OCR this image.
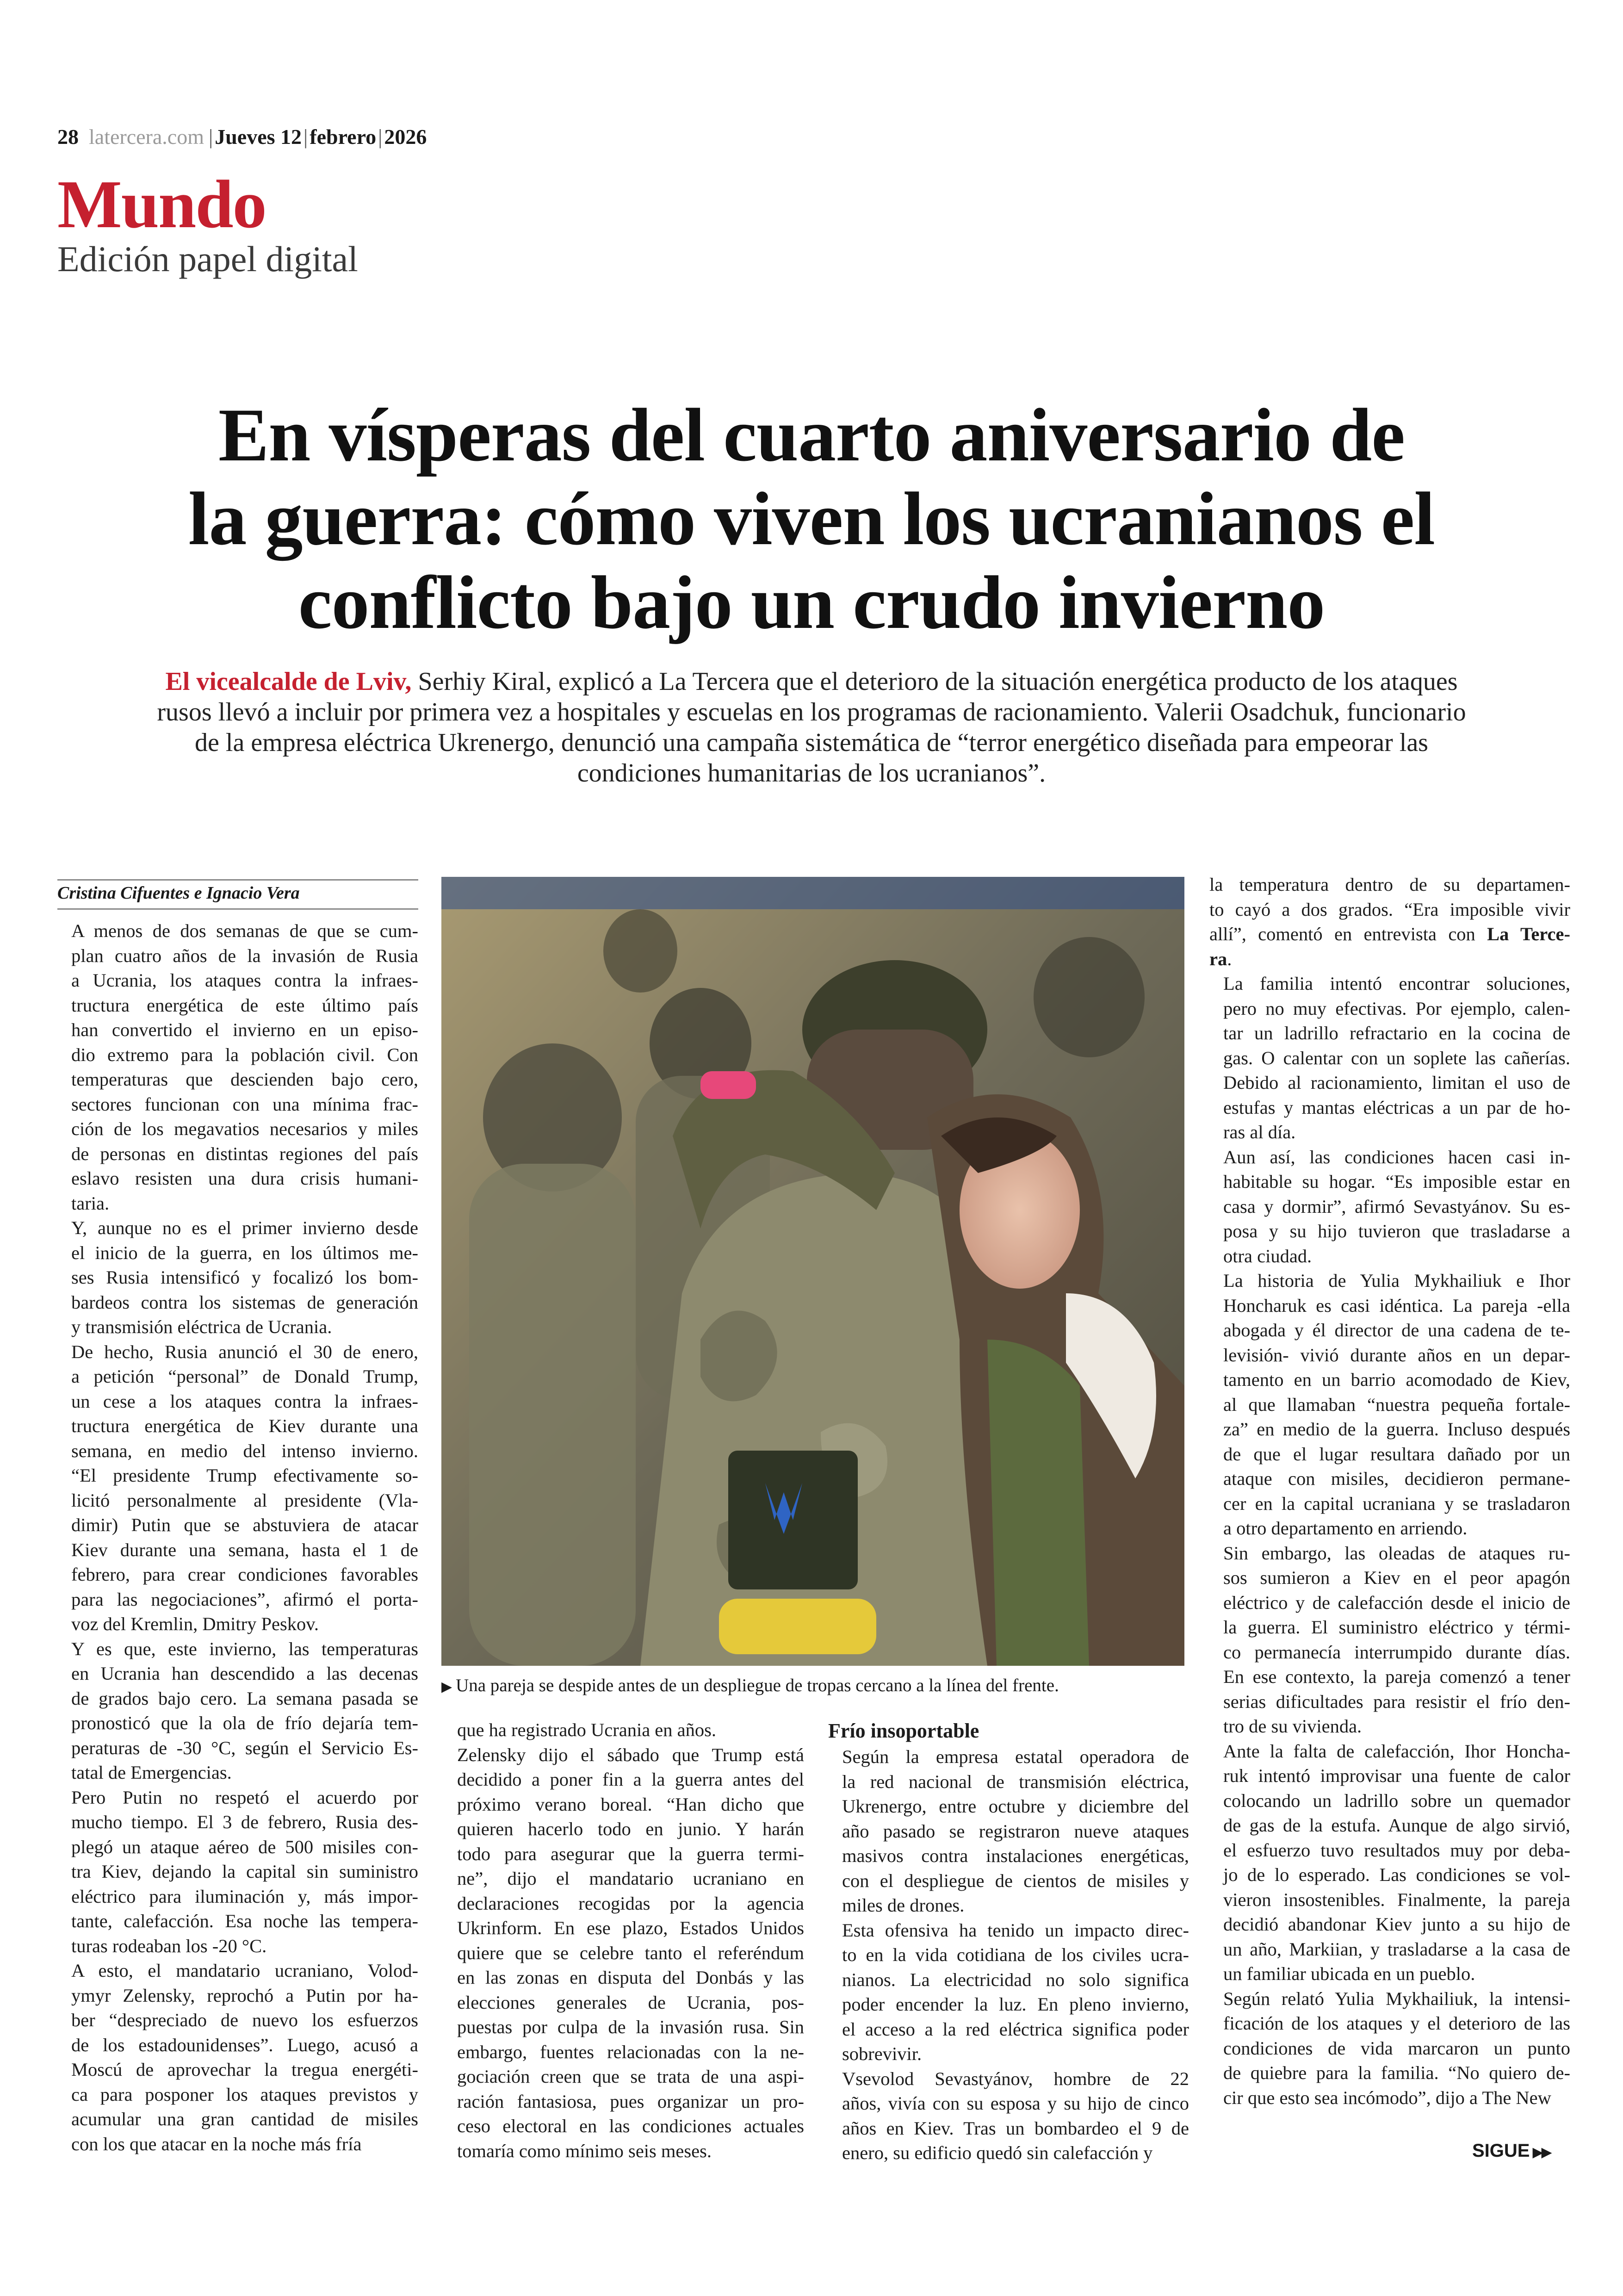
28 latercera.com |Jueves 12|febrero|2026
Mundo
Edición papel digital
En vísperas del cuarto aniversario de
la guerra: cómo viven los ucranianos el
conflicto bajo un crudo invierno
El vicealcalde de Lviv, Serhiy Kiral, explicó a La Tercera que el deterioro de la situación energética producto de los ataques
rusos llevó a incluir por primera vez a hospitales y escuelas en los programas de racionamiento. Valerii Osadchuk, funcionario
de la empresa eléctrica Ukrenergo, denunció una campaña sistemática de “terror energético diseñada para empeorar las
condiciones humanitarias de los ucranianos”.
Cristina Cifuentes e Ignacio Vera

A menos de dos semanas de que se cum-
plan cuatro años de la invasión de Rusia
a Ucrania, los ataques contra la infraes-
tructura energética de este último país
han convertido el invierno en un episo-
dio extremo para la población civil. Con
temperaturas que descienden bajo cero,
sectores funcionan con una mínima frac-
ción de los megavatios necesarios y miles
de personas en distintas regiones del país
eslavo resisten una dura crisis humani-
taria.

Y, aunque no es el primer invierno desde
el inicio de la guerra, en los últimos me-
ses Rusia intensificó y focalizó los bom-
bardeos contra los sistemas de generación
y transmisión eléctrica de Ucrania.

De hecho, Rusia anunció el 30 de enero,
a petición “personal” de Donald Trump,
un cese a los ataques contra la infraes-
tructura energética de Kiev durante una
semana, en medio del intenso invierno.
“El presidente Trump efectivamente so-
licitó personalmente al presidente (Vla-
dimir) Putin que se abstuviera de atacar
Kiev durante una semana, hasta el 1 de
febrero, para crear condiciones favorables
para las negociaciones”, afirmó el porta-
voz del Kremlin, Dmitry Peskov.

Y es que, este invierno, las temperaturas
en Ucrania han descendido a las decenas
de grados bajo cero. La semana pasada se
pronosticó que la ola de frío dejaría tem-
peraturas de -30 °C, según el Servicio Es-
tatal de Emergencias.

Pero Putin no respetó el acuerdo por
mucho tiempo. El 3 de febrero, Rusia des-
plegó un ataque aéreo de 500 misiles con-
tra Kiev, dejando la capital sin suministro
eléctrico para iluminación y, más impor-
tante, calefacción. Esa noche las tempera-
turas rodeaban los -20 °C.

A esto, el mandatario ucraniano, Volod-
ymyr Zelensky, reprochó a Putin por ha-
ber “despreciado de nuevo los esfuerzos
de los estadounidenses”. Luego, acusó a
Moscú de aprovechar la tregua energéti-
ca para posponer los ataques previstos y
acumular una gran cantidad de misiles
con los que atacar en la noche más fría

▶ Una pareja se despide antes de un despliegue de tropas cercano a la línea del frente.

que ha registrado Ucrania en años.

Zelensky dijo el sábado que Trump está
decidido a poner fin a la guerra antes del
próximo verano boreal. “Han dicho que
quieren hacerlo todo en junio. Y harán
todo para asegurar que la guerra termi-
ne”, dijo el mandatario ucraniano en
declaraciones recogidas por la agencia
Ukrinform. En ese plazo, Estados Unidos
quiere que se celebre tanto el referéndum
en las zonas en disputa del Donbás y las
elecciones generales de Ucrania, pos-
puestas por culpa de la invasión rusa. Sin
embargo, fuentes relacionadas con la ne-
gociación creen que se trata de una aspi-
ración fantasiosa, pues organizar un pro-
ceso electoral en las condiciones actuales
tomaría como mínimo seis meses.

Frío insoportable

Según la empresa estatal operadora de
la red nacional de transmisión eléctrica,
Ukrenergo, entre octubre y diciembre del
año pasado se registraron nueve ataques
masivos contra instalaciones energéticas,
con el despliegue de cientos de misiles y
miles de drones.

Esta ofensiva ha tenido un impacto direc-
to en la vida cotidiana de los civiles ucra-
nianos. La electricidad no solo significa
poder encender la luz. En pleno invierno,
el acceso a la red eléctrica significa poder
sobrevivir.

Vsevolod Sevastyánov, hombre de 22
años, vivía con su esposa y su hijo de cinco
años en Kiev. Tras un bombardeo el 9 de
enero, su edificio quedó sin calefacción y

la temperatura dentro de su departamen-
to cayó a dos grados. “Era imposible vivir
allí”, comentó en entrevista con La Terce-
ra.

La familia intentó encontrar soluciones,
pero no muy efectivas. Por ejemplo, calen-
tar un ladrillo refractario en la cocina de
gas. O calentar con un soplete las cañerías.
Debido al racionamiento, limitan el uso de
estufas y mantas eléctricas a un par de ho-
ras al día.

Aun así, las condiciones hacen casi in-
habitable su hogar. “Es imposible estar en
casa y dormir”, afirmó Sevastyánov. Su es-
posa y su hijo tuvieron que trasladarse a
otra ciudad.

La historia de Yulia Mykhailiuk e Ihor
Honcharuk es casi idéntica. La pareja -ella
abogada y él director de una cadena de te-
levisión- vivió durante años en un depar-
tamento en un barrio acomodado de Kiev,
al que llamaban “nuestra pequeña fortale-
za” en medio de la guerra. Incluso después
de que el lugar resultara dañado por un
ataque con misiles, decidieron permane-
cer en la capital ucraniana y se trasladaron
a otro departamento en arriendo.

Sin embargo, las oleadas de ataques ru-
sos sumieron a Kiev en el peor apagón
eléctrico y de calefacción desde el inicio de
la guerra. El suministro eléctrico y térmi-
co permanecía interrumpido durante días.
En ese contexto, la pareja comenzó a tener
serias dificultades para resistir el frío den-
tro de su vivienda.

Ante la falta de calefacción, Ihor Honcha-
ruk intentó improvisar una fuente de calor
colocando un ladrillo sobre un quemador
de gas de la estufa. Aunque de algo sirvió,
el esfuerzo tuvo resultados muy por deba-
jo de lo esperado. Las condiciones se vol-
vieron insostenibles. Finalmente, la pareja
decidió abandonar Kiev junto a su hijo de
un año, Markiian, y trasladarse a la casa de
un familiar ubicada en un pueblo.

Según relató Yulia Mykhailiuk, la intensi-
ficación de los ataques y el deterioro de las
condiciones de vida marcaron un punto
de quiebre para la familia. “No quiero de-
cir que esto sea incómodo”, dijo a The New

SIGUE ▶▶
